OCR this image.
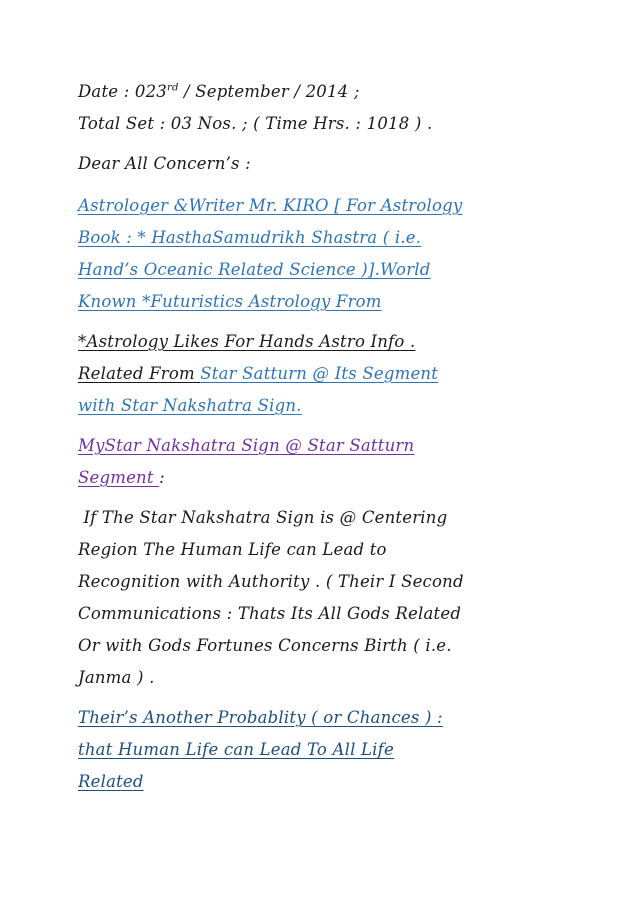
Date : 023rd / September / 2014 ;
Total Set : 03 Nos. ; ( Time Hrs. : 1018 ) .
Dear All Concern’s :
Astrologer &Writer Mr. KIRO [ For Astrology
Book : * HasthaSamudrikh Shastra ( i.e.
Hand’s Oceanic Related Science )].World
Known *Futuristics Astrology From
*Astrology Likes For Hands Astro Info .
Related From Star Satturn @ Its Segment
with Star Nakshatra Sign.
MyStar Nakshatra Sign @ Star Satturn
Segment :
If The Star Nakshatra Sign is @ Centering
Region The Human Life can Lead to
Recognition with Authority . ( Their I Second
Communications : Thats Its All Gods Related
Or with Gods Fortunes Concerns Birth ( i.e.
Janma ) .
Their’s Another Probablity ( or Chances ) :
that Human Life can Lead To All Life
Related
